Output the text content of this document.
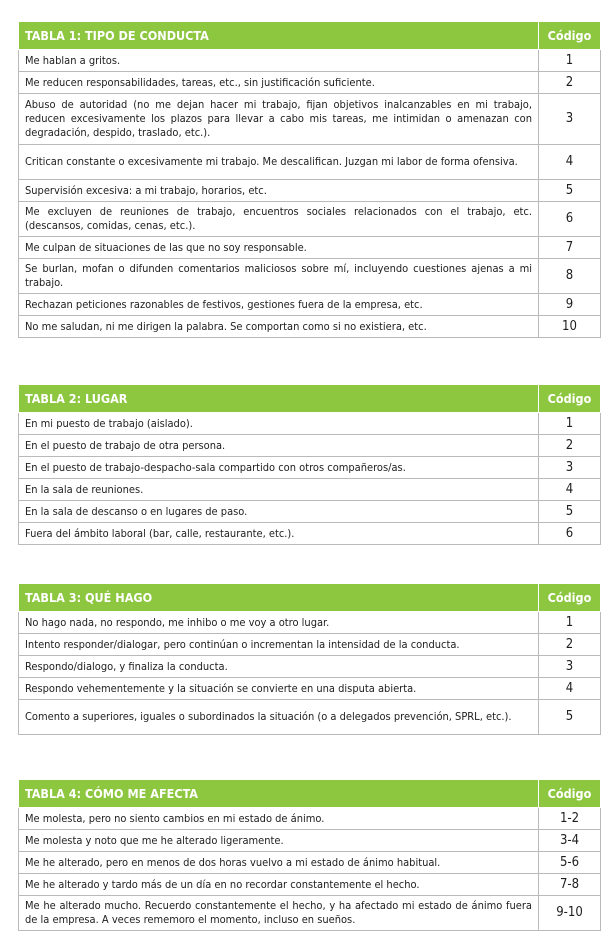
TABLA 1: TIPO DE CONDUCTA	Código
Me hablan a gritos.	1
Me reducen responsabilidades, tareas, etc., sin justificación suficiente.	2
Abuso de autoridad (no me dejan hacer mi trabajo, fijan objetivos inalcanzables en mi trabajo, reducen excesivamente los plazos para llevar a cabo mis tareas, me intimidan o amenazan con degradación, despido, traslado, etc.).	3
Critican constante o excesivamente mi trabajo. Me descalifican. Juzgan mi labor de forma ofensiva.	4
Supervisión excesiva: a mi trabajo, horarios, etc.	5
Me excluyen de reuniones de trabajo, encuentros sociales relacionados con el trabajo, etc. (descansos, comidas, cenas, etc.).	6
Me culpan de situaciones de las que no soy responsable.	7
Se burlan, mofan o difunden comentarios maliciosos sobre mí, incluyendo cuestiones ajenas a mi trabajo.	8
Rechazan peticiones razonables de festivos, gestiones fuera de la empresa, etc.	9
No me saludan, ni me dirigen la palabra. Se comportan como si no existiera, etc.	10
TABLA 2: LUGAR	Código
En mi puesto de trabajo (aislado).	1
En el puesto de trabajo de otra persona.	2
En el puesto de trabajo-despacho-sala compartido con otros compañeros/as.	3
En la sala de reuniones.	4
En la sala de descanso o en lugares de paso.	5
Fuera del ámbito laboral (bar, calle, restaurante, etc.).	6
TABLA 3: QUÉ HAGO	Código
No hago nada, no respondo, me inhibo o me voy a otro lugar.	1
Intento responder/dialogar, pero continúan o incrementan la intensidad de la conducta.	2
Respondo/dialogo, y finaliza la conducta.	3
Respondo vehementemente y la situación se convierte en una disputa abierta.	4
Comento a superiores, iguales o subordinados la situación (o a delegados prevención, SPRL, etc.).	5
TABLA 4: CÓMO ME AFECTA	Código
Me molesta, pero no siento cambios en mi estado de ánimo.	1-2
Me molesta y noto que me he alterado ligeramente.	3-4
Me he alterado, pero en menos de dos horas vuelvo a mi estado de ánimo habitual.	5-6
Me he alterado y tardo más de un día en no recordar constantemente el hecho.	7-8
Me he alterado mucho. Recuerdo constantemente el hecho, y ha afectado mi estado de ánimo fuera de la empresa. A veces rememoro el momento, incluso en sueños.	9-10
